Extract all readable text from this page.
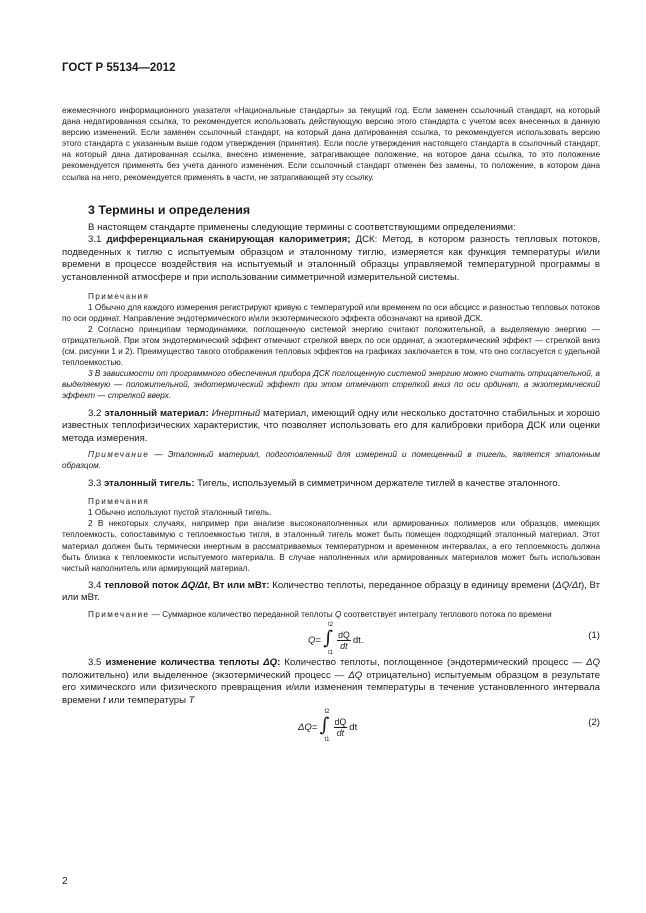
ГОСТ Р 55134—2012

ежемесячного информационного указателя «Национальные стандарты» за текущий год. Если заменен ссылочный стандарт, на который дана недатированная ссылка, то рекомендуется использовать действующую версию этого стандарта с учетом всех внесенных в данную версию изменений. Если заменен ссылочный стандарт, на который дана датированная ссылка, то рекомендуется использовать версию этого стандарта с указанным выше годом утверждения (принятия). Если после утверждения настоящего стандарта в ссылочный стандарт, на который дана датированная ссылка, внесено изменение, затрагивающее положение, на которое дана ссылка, то это положение рекомендуется применять без учета данного изменения. Если ссылочный стандарт отменен без замены, то положение, в котором дана ссылка на него, рекомендуется применять в части, не затрагивающей эту ссылку.

3 Термины и определения

В настоящем стандарте применены следующие термины с соответствующими определениями:

3.1 дифференциальная сканирующая калориметрия; ДСК: Метод, в котором разность тепловых потоков, подведенных к тиглю с испытуемым образцом и эталонному тиглю, измеряется как функция температуры и/или времени в процессе воздействия на испытуемый и эталонный образцы управляемой температурной программы в установленной атмосфере и при использовании симметричной измерительной системы.

Примечания

1 Обычно для каждого измерения регистрируют кривую с температурой или временем по оси абсцисс и разностью тепловых потоков по оси ординат. Направление эндотермического и/или экзотермического эффекта обозначают на кривой ДСК.

2 Согласно принципам термодинамики, поглощенную системой энергию считают положительной, а выделяемую энергию — отрицательной. При этом эндотермический эффект отмечают стрелкой вверх по оси ординат, а экзотермический эффект — стрелкой вниз (см. рисунки 1 и 2). Преимущество такого отображения тепловых эффектов на графиках заключается в том, что оно согласуется с удельной теплоемкостью.

3 В зависимости от программного обеспечения прибора ДСК поглощенную системой энергию можно считать отрицательной, а выделяемую — положительной, эндотермический эффект при этом отмечают стрелкой вниз по оси ординат, а экзотермический эффект — стрелкой вверх.

3.2 эталонный материал: Инертный материал, имеющий одну или несколько достаточно стабильных и хорошо известных теплофизических характеристик, что позволяет использовать его для калибровки прибора ДСК или оценки метода измерения.

Примечание — Эталонный материал, подготовленный для измерений и помещенный в тигель, является эталонным образцом.

3.3 эталонный тигель: Тигель, используемый в симметричном держателе тиглей в качестве эталонного.

Примечания

1 Обычно используют пустой эталонный тигель.

2 В некоторых случаях, например при анализе высоконаполненных или армированных полимеров или образцов, имеющих теплоемкость, сопоставимую с теплоемкостью тигля, в эталонный тигель может быть помещен подходящий эталонный материал. Этот материал должен быть термически инертным в рассматриваемых температурном и временном интервалах, а его теплоемкость должна быть близка к теплоемкости испытуемого материала. В случае наполненных или армированных материалов может быть использован чистый наполнитель или армирующий материал.

3.4 тепловой поток ΔQ/Δt, Вт или мВт: Количество теплоты, переданное образцу в единицу времени (ΔQ/Δt), Вт или мВт.

Примечание — Суммарное количество переданной теплоты Q соответствует интегралу теплового потока по времени

Q = ∫
t2
t1
$\frac{dQ}{dt}$ dt.	(1)

3.5 изменение количества теплоты ΔQ: Количество теплоты, поглощенное (эндотермический процесс — ΔQ положительно) или выделенное (экзотермический процесс — ΔQ отрицательно) испытуемым образцом в результате его химического или физического превращения и/или изменения температуры в течение установленного интервала времени t или температуры T

ΔQ = ∫
t2
t1
$\frac{dQ}{dt}$ dt	(2)
2
